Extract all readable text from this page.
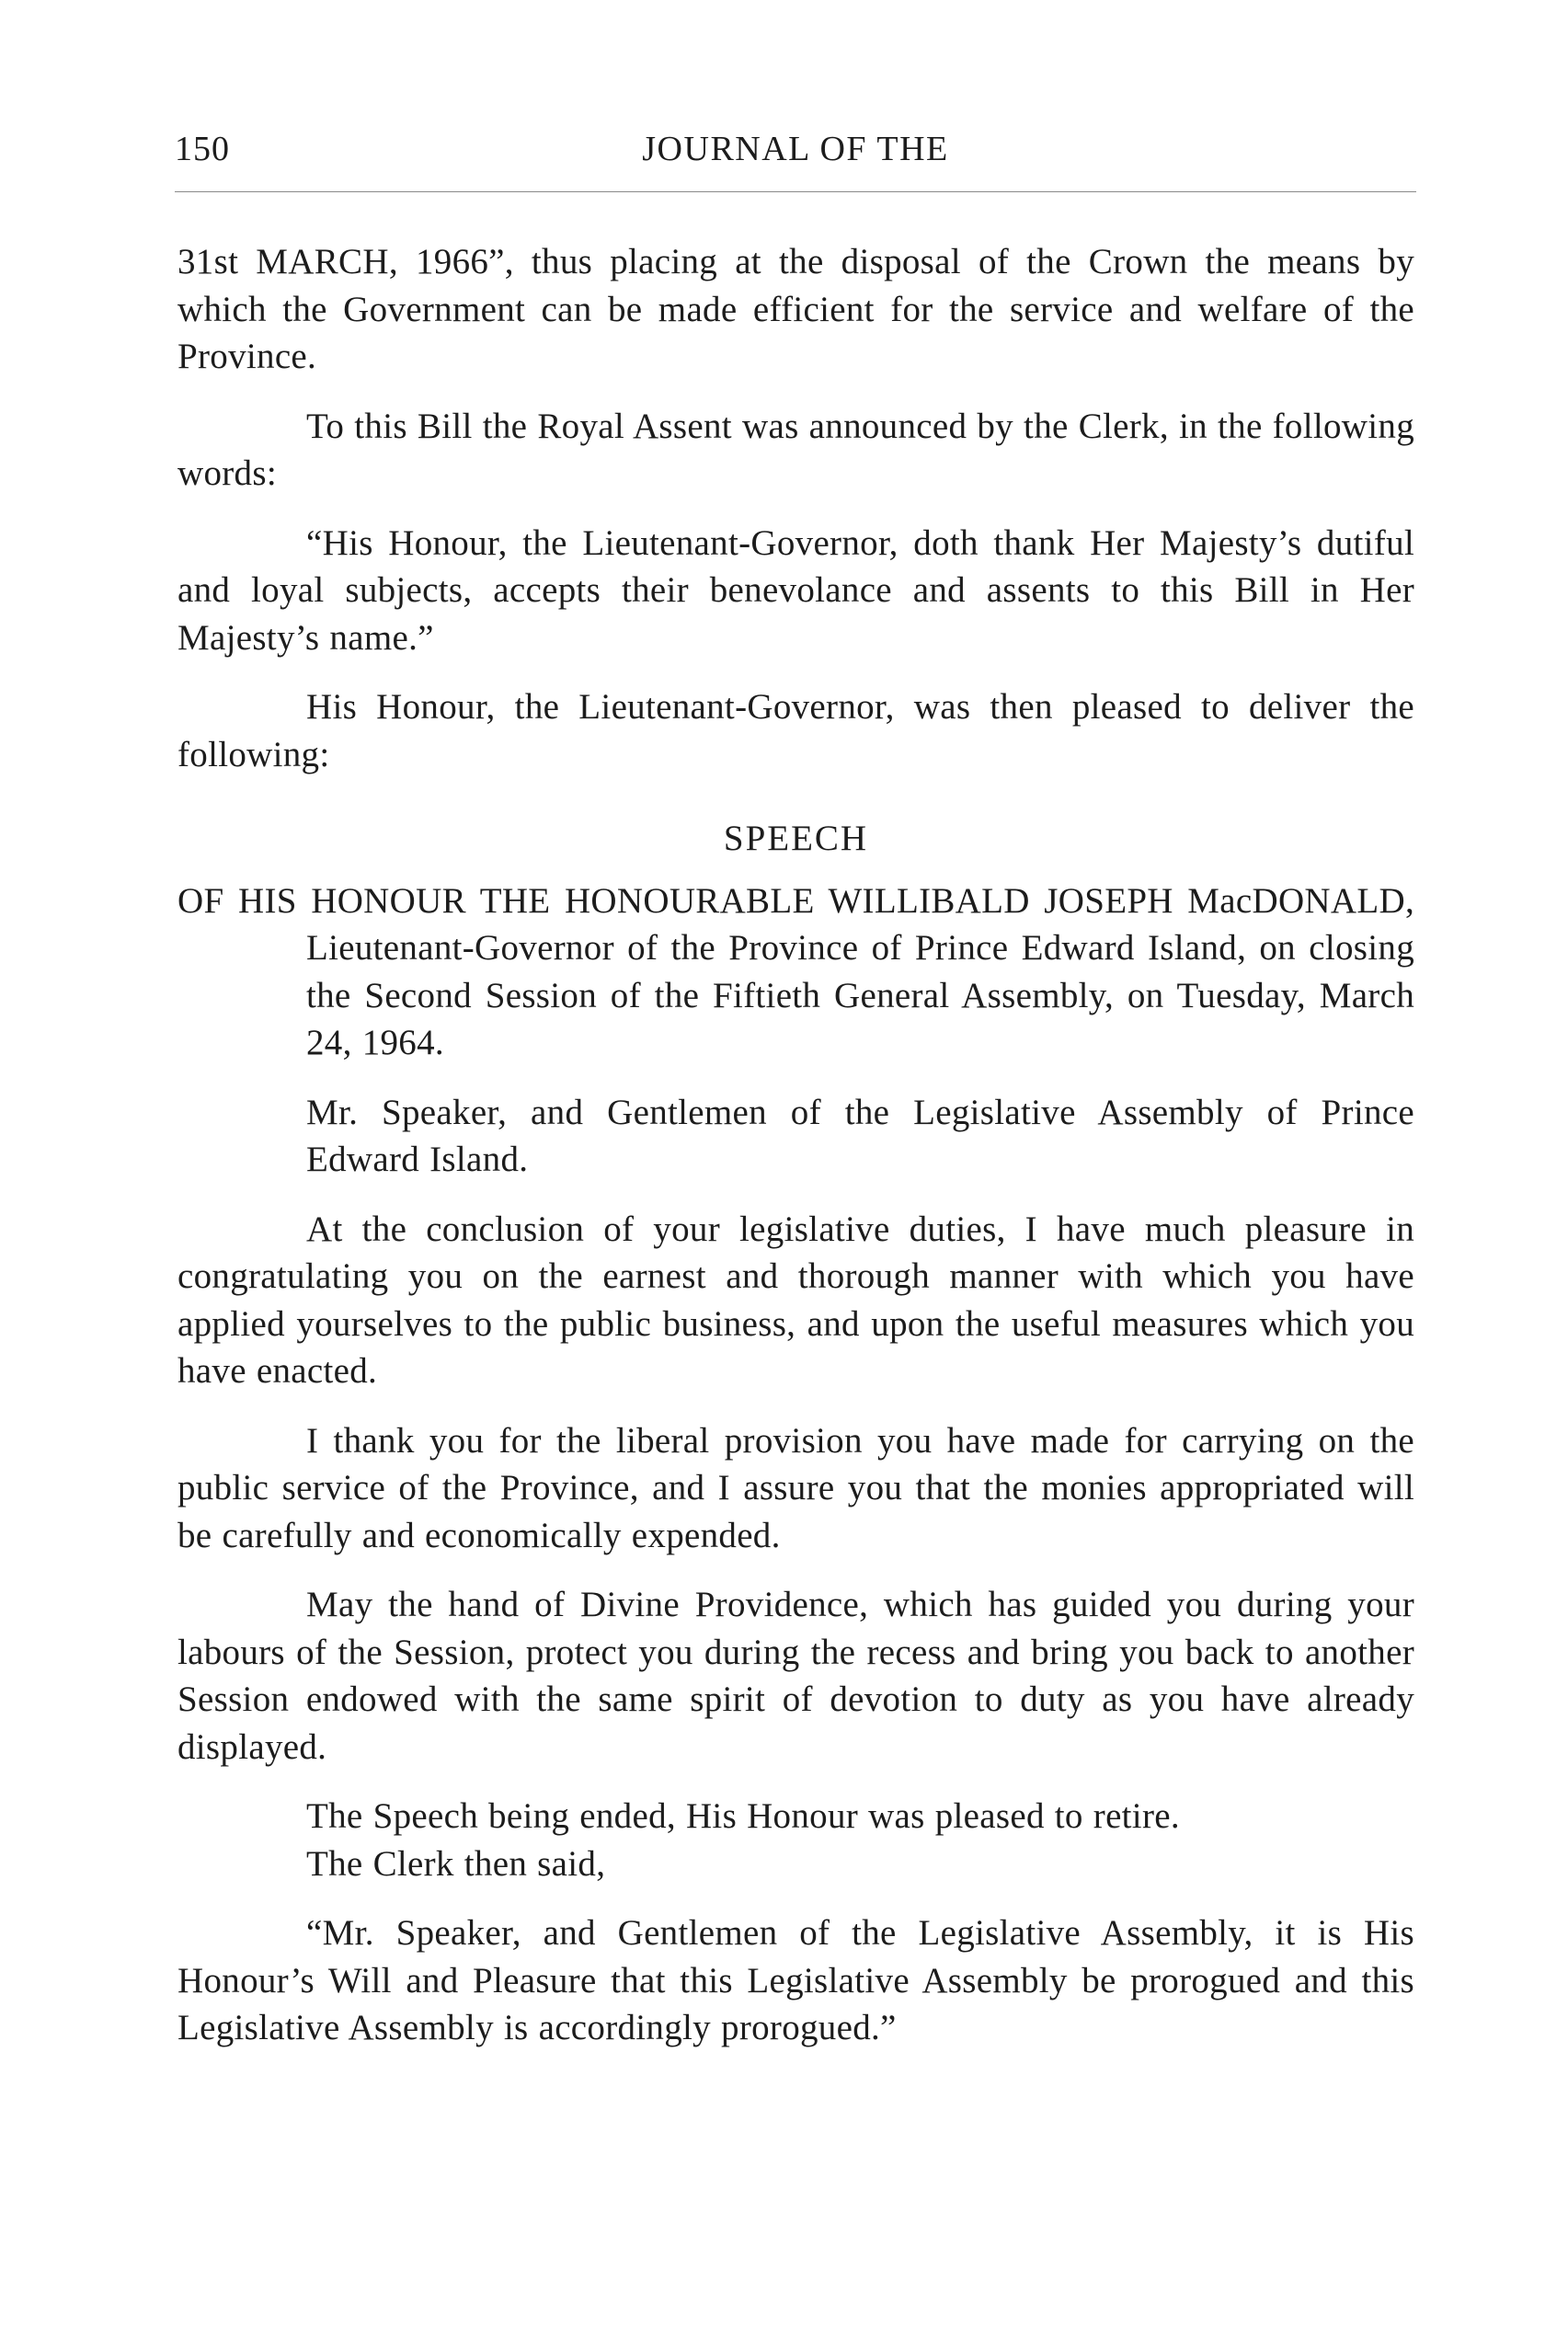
JOURNAL OF THE
150

31st MARCH, 1966”, thus placing at the disposal of the Crown the means by which the Government can be made efficient for the service and welfare of the Province.

To this Bill the Royal Assent was announced by the Clerk, in the following words:

“His Honour, the Lieutenant-Governor, doth thank Her Majesty’s dutiful and loyal subjects, accepts their benevolance and assents to this Bill in Her Majesty’s name.”

His Honour, the Lieutenant-Governor, was then pleased to deliver the following:

SPEECH

OF HIS HONOUR THE HONOURABLE WILLIBALD JOSEPH MacDONALD, Lieutenant-Governor of the Province of Prince Edward Island, on closing the Second Session of the Fiftieth General Assembly, on Tuesday, March 24, 1964.

Mr. Speaker, and Gentlemen of the Legislative Assembly of Prince Edward Island.

At the conclusion of your legislative duties, I have much pleasure in congratulating you on the earnest and thorough manner with which you have applied yourselves to the public business, and upon the useful measures which you have enacted.

I thank you for the liberal provision you have made for carrying on the public service of the Province, and I assure you that the monies appropriated will be carefully and economically expended.

May the hand of Divine Providence, which has guided you during your labours of the Session, protect you during the recess and bring you back to another Session endowed with the same spirit of devotion to duty as you have already displayed.

The Speech being ended, His Honour was pleased to retire.

The Clerk then said,

“Mr. Speaker, and Gentlemen of the Legislative Assembly, it is His Honour’s Will and Pleasure that this Legislative Assembly be prorogued and this Legislative Assembly is accordingly prorogued.”
